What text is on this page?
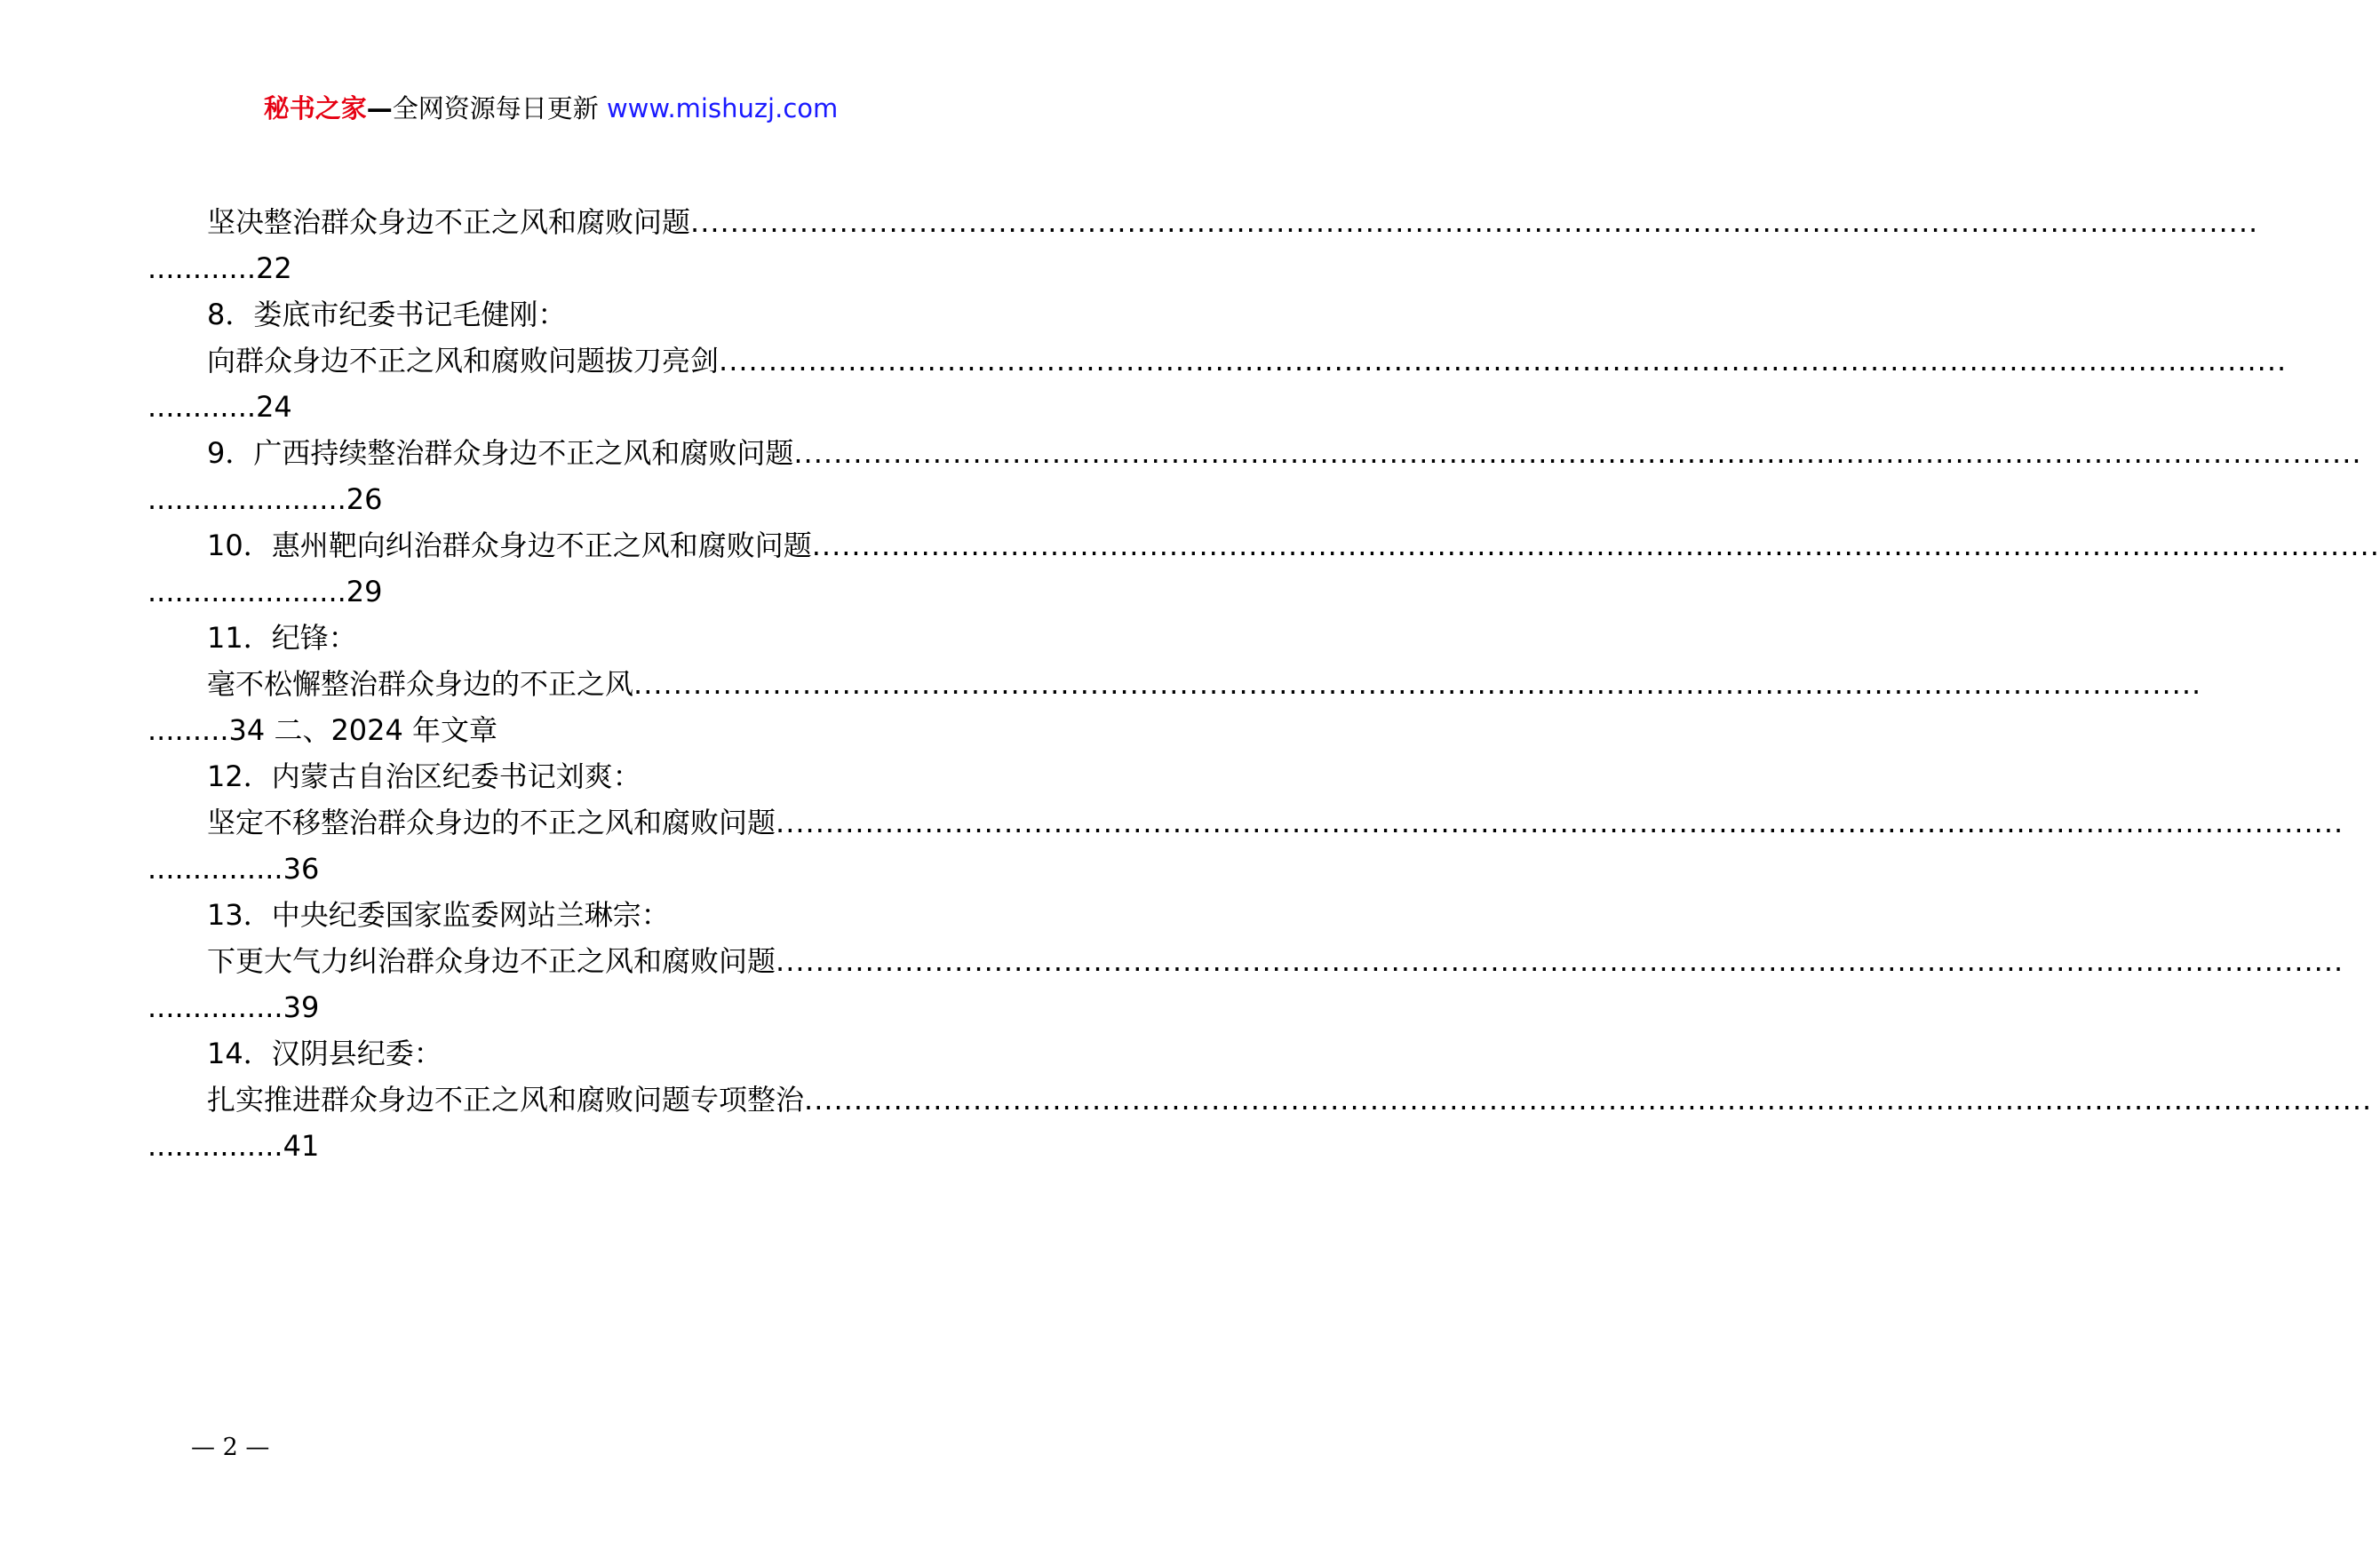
秘书之家—全网资源每日更新 www.mishuzj.com
坚决整治群众身边不正之风和腐败问题 ..............................................................................................................................................................
............22
8．娄底市纪委书记毛健刚：
向群众身边不正之风和腐败问题拔刀亮剑 ..............................................................................................................................................................
............24
9．广西持续整治群众身边不正之风和腐败问题 ..............................................................................................................................................................
......................26
10．惠州靶向纠治群众身边不正之风和腐败问题 ..............................................................................................................................................................
......................29
11．纪锋：
毫不松懈整治群众身边的不正之风 ..............................................................................................................................................................
.........34 二、2024 年文章
12．内蒙古自治区纪委书记刘爽：
坚定不移整治群众身边的不正之风和腐败问题 ..............................................................................................................................................................
...............36
13．中央纪委国家监委网站兰琳宗：
下更大气力纠治群众身边不正之风和腐败问题 ..............................................................................................................................................................
...............39
14．汉阴县纪委：
扎实推进群众身边不正之风和腐败问题专项整治 ..............................................................................................................................................................
...............41
— 2 —
